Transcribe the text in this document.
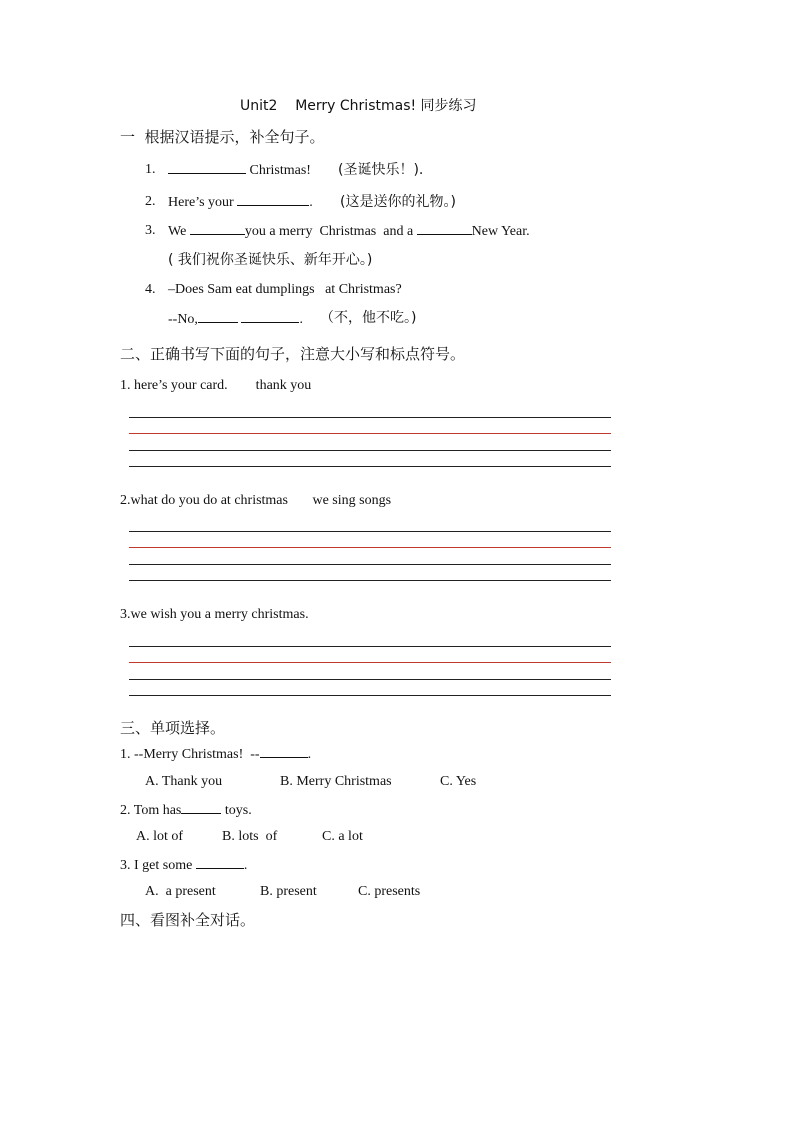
Unit2    Merry Christmas! 同步练习
一  根据汉语提示，补全句子。
1.	Christmas! (圣诞快乐！).
2. Here’s your	. (这是送你的礼物。)
3. We	you a merry  Christmas  and a	New Year.
( 我们祝你圣诞快乐、新年开心。)
4. –Does Sam eat dumplings   at Christmas?
--No,	. （不，他不吃。)
二、正确书写下面的句子，注意大小写和标点符号。
1. here’s your card.        thank you
2.what do you do at christmas       we sing songs
3.we wish you a merry christmas.
三、单项选择。
1. --Merry Christmas!  --	.
A. Thank you	B. Merry Christmas	C. Yes
2. Tom has	toys.
A. lot of	B. lots  of	C. a lot
3. I get some	.
A.  a present	B. present	C. presents
四、看图补全对话。
